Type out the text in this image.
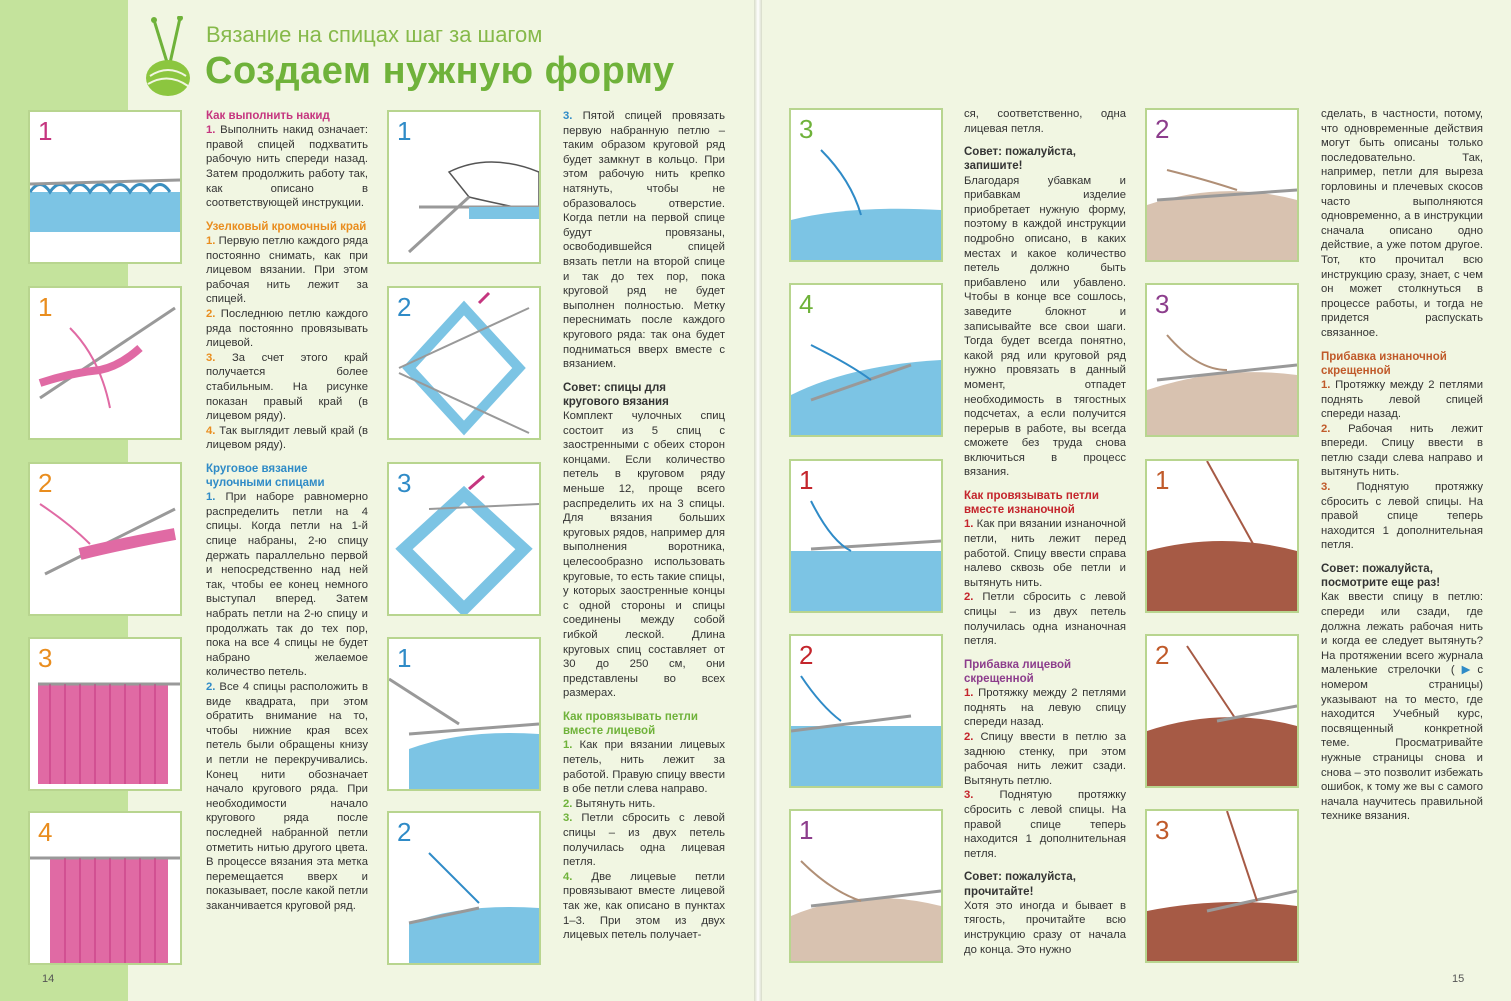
Вязание на спицах шаг за шагом
Создаем нужную форму
1
1
2
3
4
Как выполнить накид

1. Выполнить накид означает: правой спицей подхватить рабочую нить спереди назад. Затем продолжить работу так, как описано в соответствующей инструкции.

Узелковый кромочный край

1. Первую петлю каждого ряда постоянно снимать, как при лицевом вязании. При этом рабочая нить лежит за спицей.

2. Последнюю петлю каждого ряда постоянно провязывать лицевой.

3. За счет этого край получается более стабильным. На рисунке показан правый край (в лицевом ряду).

4. Так выглядит левый край (в лицевом ряду).

Круговое вязание чулочными спицами

1. При наборе равномерно распределить петли на 4 спицы. Когда петли на 1-й спице набраны, 2-ю спицу держать параллельно первой и непосредственно над ней так, чтобы ее конец немного выступал вперед. Затем набрать петли на 2-ю спицу и продолжать так до тех пор, пока на все 4 спицы не будет набрано желаемое количество петель.

2. Все 4 спицы расположить в виде квадрата, при этом обратить внимание на то, чтобы нижние края всех петель были обращены книзу и петли не перекручивались. Конец нити обозначает начало кругового ряда. При необходимости начало кругового ряда после последней набранной петли отметить нитью другого цвета. В процессе вязания эта метка перемещается вверх и показывает, после какой петли заканчивается круговой ряд.

1
2
3
1
2

3. Пятой спицей провязать первую набранную петлю – таким образом круговой ряд будет замкнут в кольцо. При этом рабочую нить крепко натянуть, чтобы не образовалось отверстие. Когда петли на первой спице будут провязаны, освободившейся спицей вязать петли на второй спице и так до тех пор, пока круговой ряд не будет выполнен полностью. Метку переснимать после каждого кругового ряда: так она будет подниматься вверх вместе с вязанием.

Совет: спицы для кругового вязания

Комплект чулочных спиц состоит из 5 спиц с заостренными с обеих сторон концами. Если количество петель в круговом ряду меньше 12, проще всего распределить их на 3 спицы. Для вязания больших круговых рядов, например для выполнения воротника, целесообразно использовать круговые, то есть такие спицы, у которых заостренные концы с одной стороны и спицы соединены между собой гибкой леской. Длина круговых спиц составляет от 30 до 250 см, они представлены во всех размерах.

Как провязывать петли вместе лицевой

1. Как при вязании лицевых петель, нить лежит за работой. Правую спицу ввести в обе петли слева направо.

2. Вытянуть нить.

3. Петли сбросить с левой спицы – из двух петель получилась одна лицевая петля.

4. Две лицевые петли провязывают вместе лицевой так же, как описано в пунктах 1–3. При этом из двух лицевых петель получает-

14
3
4
1
2
1

ся, соответственно, одна лицевая петля.

Совет: пожалуйста, запишите!

Благодаря убавкам и прибавкам изделие приобретает нужную форму, поэтому в каждой инструкции подробно описано, в каких местах и какое количество петель должно быть прибавлено или убавлено. Чтобы в конце все сошлось, заведите блокнот и записывайте все свои шаги. Тогда будет всегда понятно, какой ряд или круговой ряд нужно провязать в данный момент, отпадет необходимость в тягостных подсчетах, а если получится перерыв в работе, вы всегда сможете без труда снова включиться в процесс вязания.

Как провязывать петли вместе изнаночной

1. Как при вязании изнаночной петли, нить лежит перед работой. Спицу ввести справа налево сквозь обе петли и вытянуть нить.

2. Петли сбросить с левой спицы – из двух петель получилась одна изнаночная петля.

Прибавка лицевой скрещенной

1. Протяжку между 2 петлями поднять на левую спицу спереди назад.

2. Спицу ввести в петлю за заднюю стенку, при этом рабочая нить лежит сзади. Вытянуть петлю.

3. Поднятую протяжку сбросить с левой спицы. На правой спице теперь находится 1 дополнительная петля.

Совет: пожалуйста, прочитайте!

Хотя это иногда и бывает в тягость, прочитайте всю инструкцию сразу от начала до конца. Это нужно

2
3
1
2
3

сделать, в частности, потому, что одновременные действия могут быть описаны только последовательно. Так, например, петли для выреза горловины и плечевых скосов часто выполняются одновременно, а в инструкции сначала описано одно действие, а уже потом другое. Тот, кто прочитал всю инструкцию сразу, знает, с чем он может столкнуться в процессе работы, и тогда не придется распускать связанное.

Прибавка изнаночной скрещенной

1. Протяжку между 2 петлями поднять левой спицей спереди назад.

2. Рабочая нить лежит впереди. Спицу ввести в петлю сзади слева направо и вытянуть нить.

3. Поднятую протяжку сбросить с левой спицы. На правой спице теперь находится 1 дополнительная петля.

Совет: пожалуйста, посмотрите еще раз!

Как ввести спицу в петлю: спереди или сзади, где должна лежать рабочая нить и когда ее следует вытянуть? На протяжении всего журнала маленькие стрелочки (▶с номером страницы) указывают на то место, где находится Учебный курс, посвященный конкретной теме. Просматривайте нужные страницы снова и снова – это позволит избежать ошибок, к тому же вы с самого начала научитесь правильной технике вязания.

15
